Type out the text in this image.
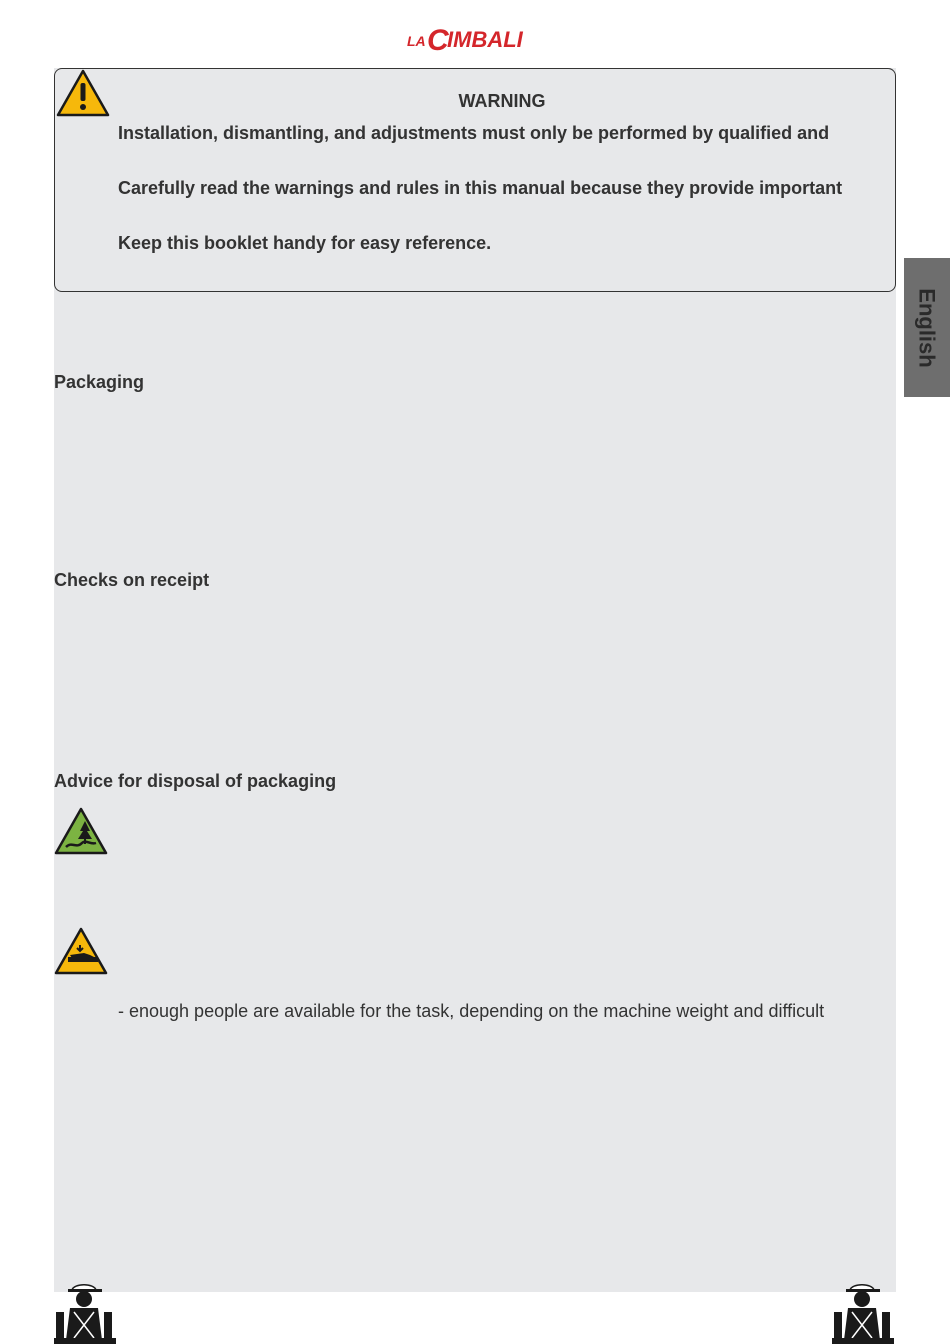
LA C
IMBALI
WARNING
Installation, dismantling, and adjustments must only be performed by qualified and
Carefully read the warnings and rules in this manual because they provide important
Keep this booklet handy for easy reference.
English
Packaging
Checks on receipt
Advice for disposal of packaging
- enough people are available for the task, depending on the machine weight and difficult
